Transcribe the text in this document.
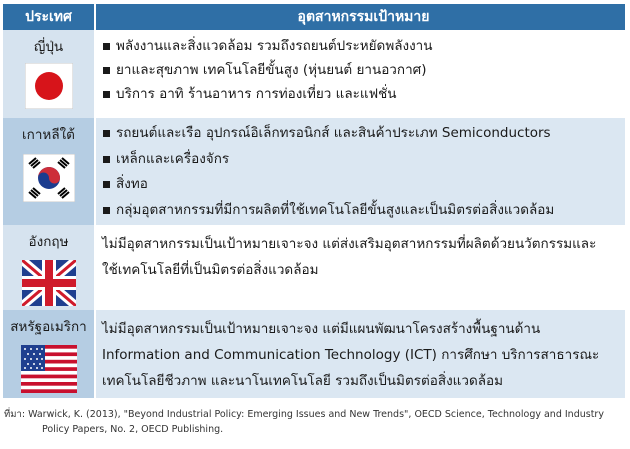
ประเทศ	อุตสาหกรรมเป้าหมาย
ญี่ปุ่น	พลังงานและสิ่งแวดล้อม รวมถึงรถยนต์ประหยัดพลังงาน
ยาและสุขภาพ เทคโนโลยีขั้นสูง (หุ่นยนต์ ยานอวกาศ)
บริการ อาทิ ร้านอาหาร การท่องเที่ยว และแฟชั่น
เกาหลีใต้	รถยนต์และเรือ อุปกรณ์อิเล็กทรอนิกส์ และสินค้าประเภท Semiconductors
เหล็กและเครื่องจักร
สิ่งทอ
กลุ่มอุตสาหกรรมที่มีการผลิตที่ใช้เทคโนโลยีขั้นสูงและเป็นมิตรต่อสิ่งแวดล้อม
อังกฤษ ไม่มีอุตสาหกรรมเป็นเป้าหมายเจาะจง แต่ส่งเสริมอุตสาหกรรมที่ผลิตด้วยนวัตกรรมและ
ใช้เทคโนโลยีที่เป็นมิตรต่อสิ่งแวดล้อม
สหรัฐอเมริกา ไม่มีอุตสาหกรรมเป็นเป้าหมายเจาะจง แต่มีแผนพัฒนาโครงสร้างพื้นฐานด้าน
Information and Communication Technology (ICT) การศึกษา บริการสาธารณะ
เทคโนโลยีชีวภาพ และนาโนเทคโนโลยี รวมถึงเป็นมิตรต่อสิ่งแวดล้อม
ที่มา: Warwick, K. (2013), "Beyond Industrial Policy: Emerging Issues and New Trends", OECD Science, Technology and Industry
Policy Papers, No. 2, OECD Publishing.
